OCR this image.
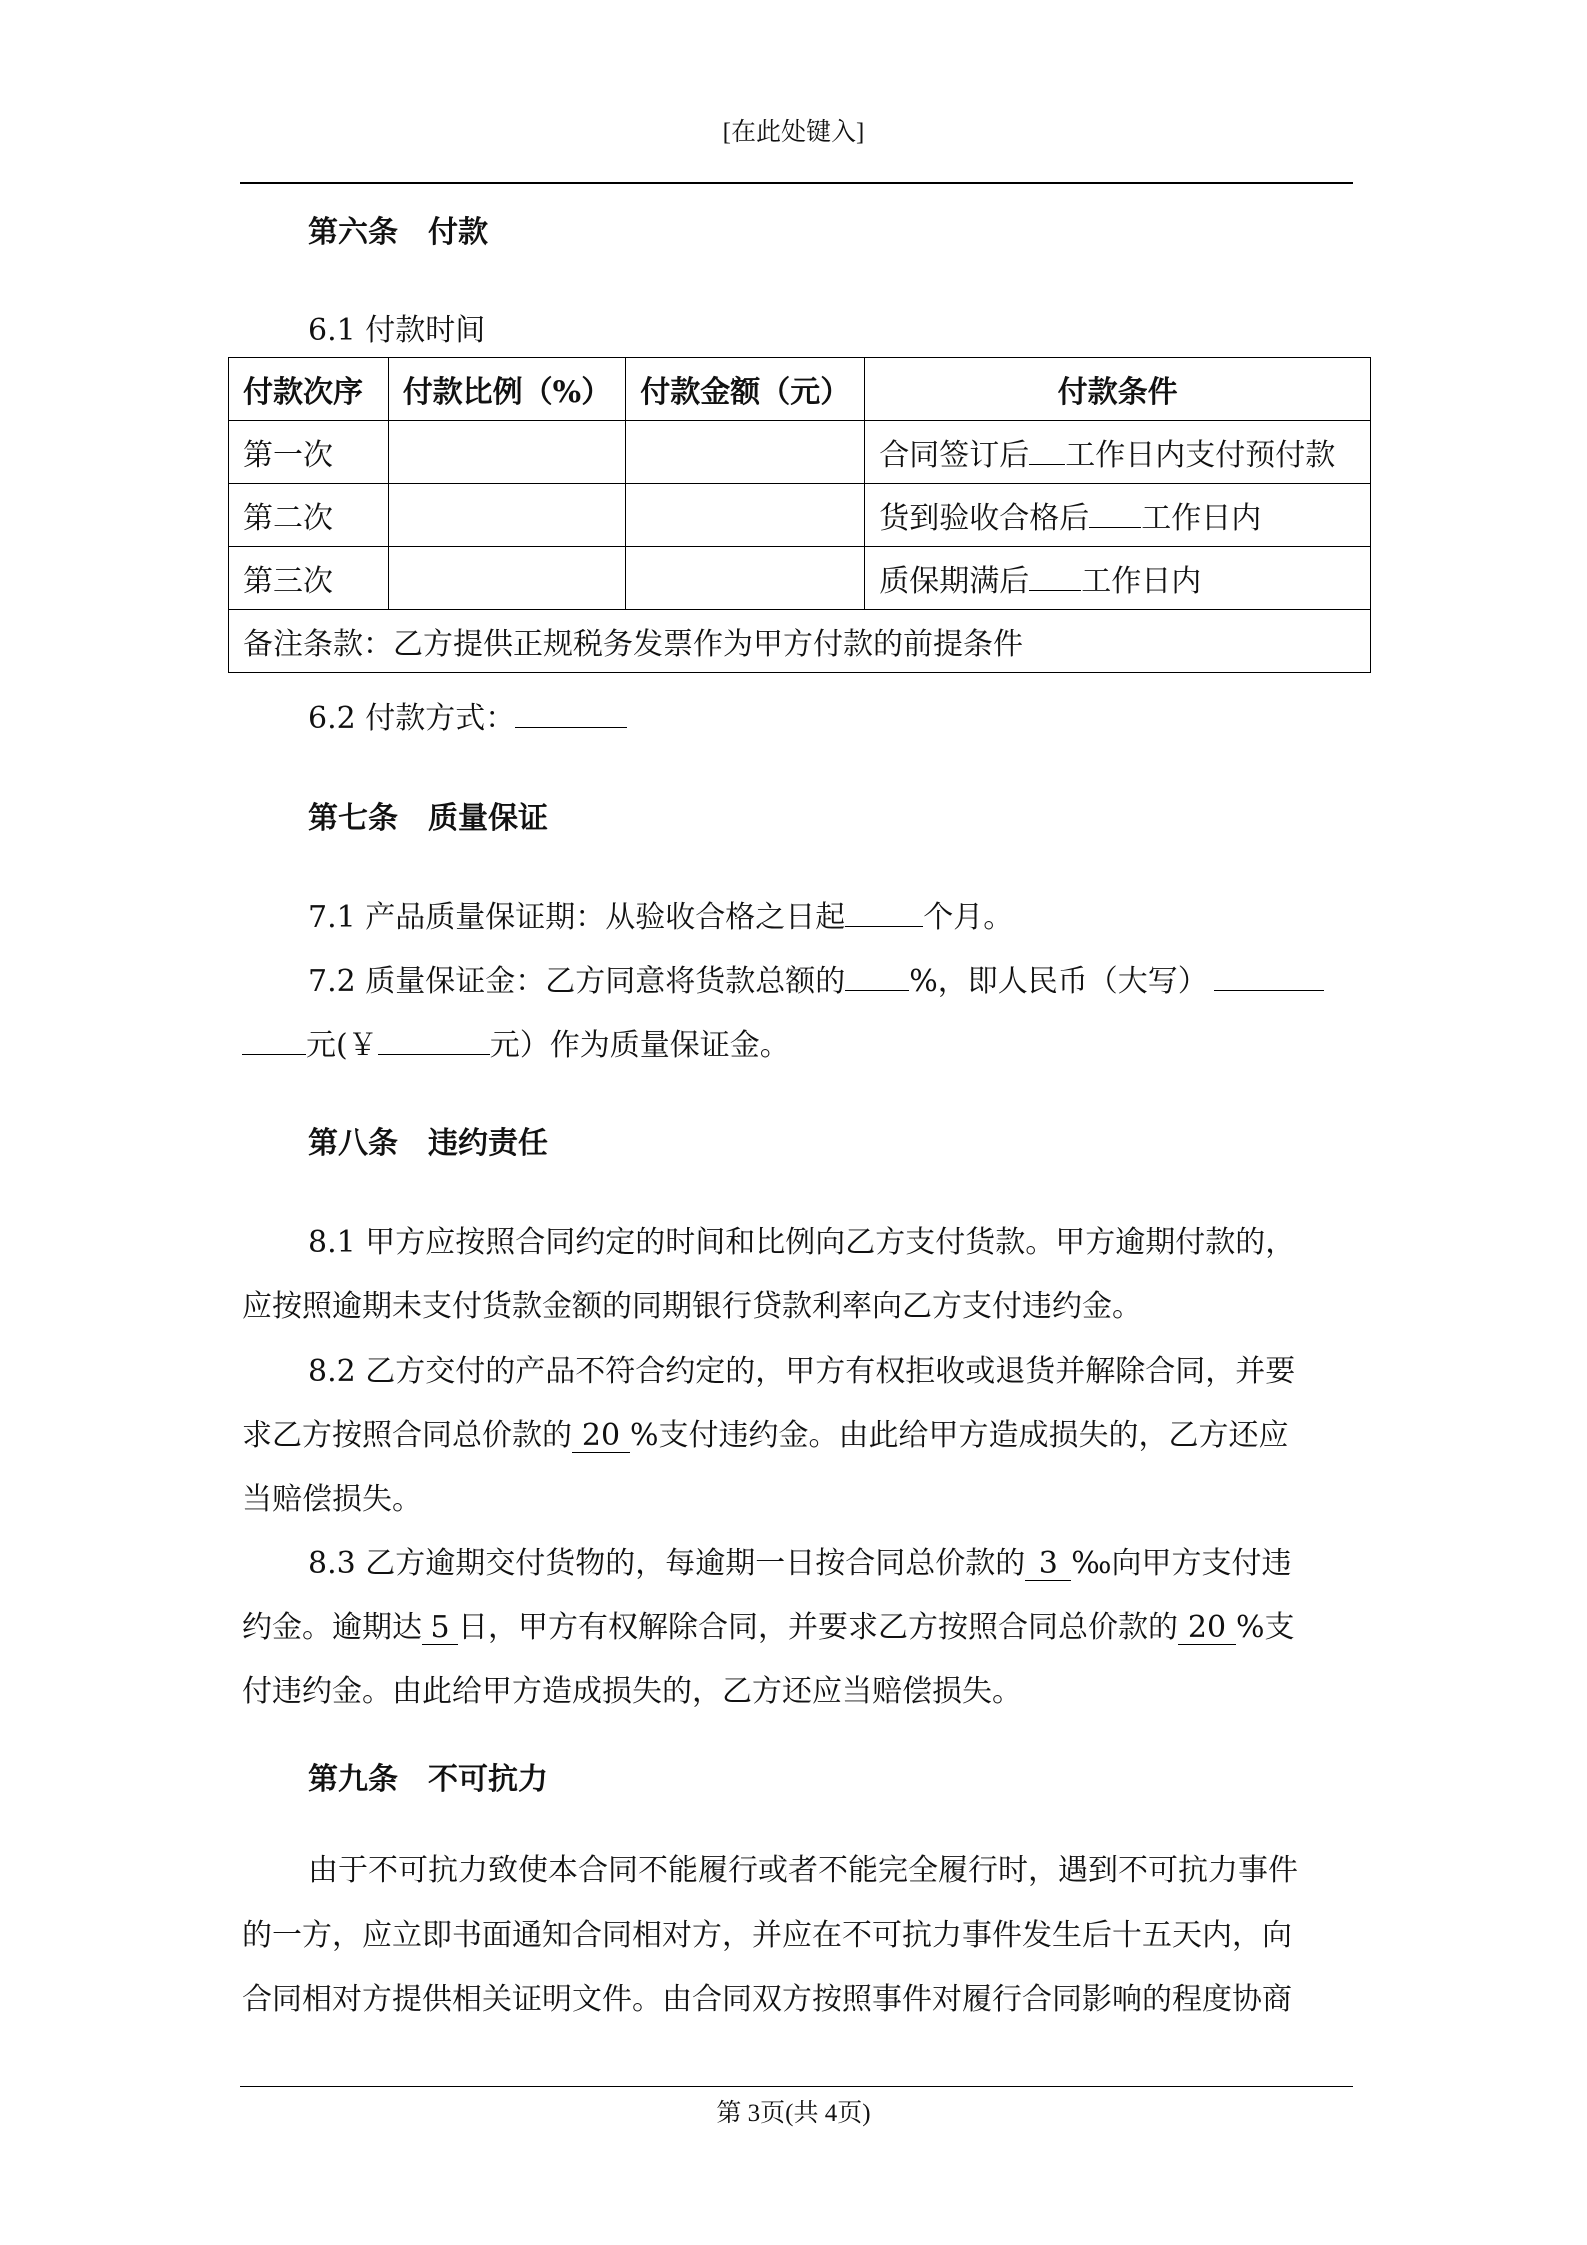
[在此处键入]
第六条　付款
6.1 付款时间
付款次序	付款比例（%）	付款金额（元）	付款条件
第一次			合同签订后 工作日内支付预付款
第二次			货到验收合格后 工作日内
第三次			质保期满后 工作日内
备注条款：乙方提供正规税务发票作为甲方付款的前提条件			
6.2 付款方式：
第七条　质量保证
7.1 产品质量保证期：从验收合格之日起	个月。
7.2 质量保证金：乙方同意将货款总额的 %，即人民币（大写）
元(￥	元）作为质量保证金。
第八条　违约责任
8.1 甲方应按照合同约定的时间和比例向乙方支付货款。甲方逾期付款的，
应按照逾期未支付货款金额的同期银行贷款利率向乙方支付违约金。
8.2 乙方交付的产品不符合约定的，甲方有权拒收或退货并解除合同，并要
求乙方按照合同总价款的 20 %支付违约金。由此给甲方造成损失的，乙方还应
当赔偿损失。
8.3 乙方逾期交付货物的，每逾期一日按合同总价款的 3 ‰向甲方支付违
约金。逾期达 5 日，甲方有权解除合同，并要求乙方按照合同总价款的 20 %支
付违约金。由此给甲方造成损失的，乙方还应当赔偿损失。
第九条　不可抗力
由于不可抗力致使本合同不能履行或者不能完全履行时，遇到不可抗力事件
的一方，应立即书面通知合同相对方，并应在不可抗力事件发生后十五天内，向
合同相对方提供相关证明文件。由合同双方按照事件对履行合同影响的程度协商
第 3页(共 4页)
